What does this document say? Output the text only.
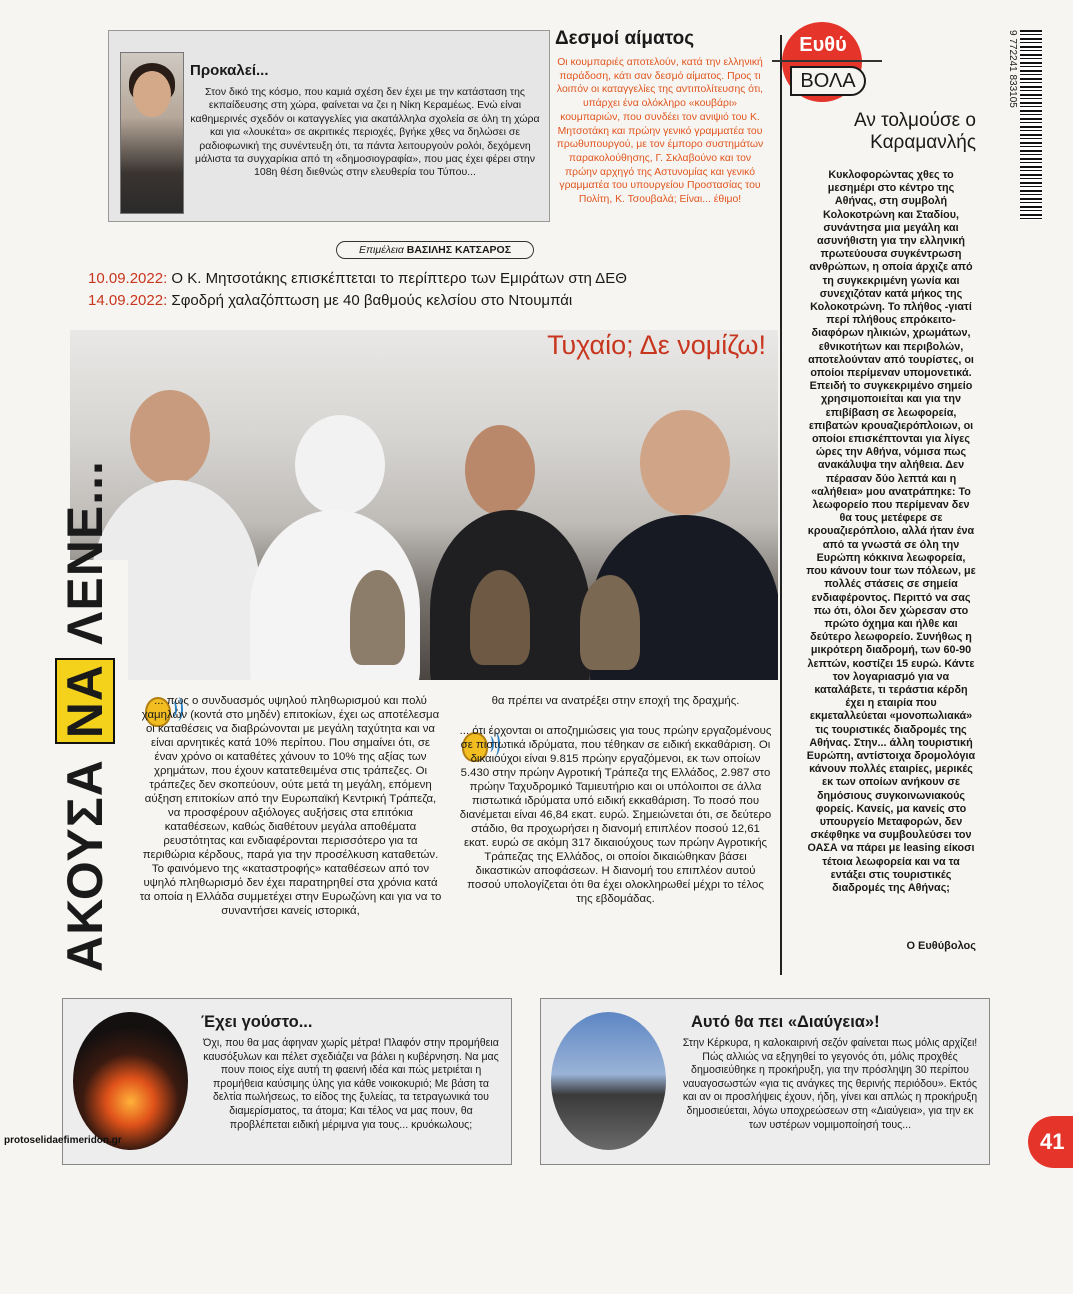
Προκαλεί...
Στον δικό της κόσμο, που καμιά σχέση δεν έχει με την κατάσταση της εκπαίδευσης στη χώρα, φαίνεται να ζει η Νίκη Κεραμέως. Ενώ είναι καθημερινές σχεδόν οι καταγγελίες για ακατάλληλα σχολεία σε όλη τη χώρα και για «λουκέτα» σε ακριτικές περιοχές, βγήκε χθες να δηλώσει σε ραδιοφωνική της συνέντευξη ότι, τα πάντα λειτουργούν ρολόι, δεχόμενη μάλιστα τα συγχαρίκια από τη «δημοσιογραφία», που μας έχει φέρει στην 108η θέση διεθνώς στην ελευθερία του Τύπου...
Δεσμοί αίματος
Οι κουμπαριές αποτελούν, κατά την ελληνική παράδοση, κάτι σαν δεσμό αίματος. Προς τι λοιπόν οι καταγγελίες της αντιπολίτευσης ότι, υπάρχει ένα ολόκληρο «κουβάρι» κουμπαριών, που συνδέει τον ανιψιό του Κ. Μητσοτάκη και πρώην γενικό γραμματέα του πρωθυπουργού, με τον έμπορο συστημάτων παρακολούθησης, Γ. Σκλαβούνο και τον πρώην αρχηγό της Αστυνομίας και γενικό γραμματέα του υπουργείου Προστασίας του Πολίτη, Κ. Τσουβαλά; Είναι... έθιμο!
9 772241 833105
Ευθύ
ΒΟΛΑ
Αν τολμούσε ο Καραμανλής
Κυκλοφορώντας χθες το μεσημέρι στο κέντρο της Αθήνας, στη συμβολή Κολοκοτρώνη και Σταδίου, συνάντησα μια μεγάλη και ασυνήθιστη για την ελληνική πρωτεύουσα συγκέντρωση ανθρώπων, η οποία άρχιζε από τη συγκεκριμένη γωνία και συνεχιζόταν κατά μήκος της Κολοκοτρώνη. Το πλήθος -γιατί περί πλήθους επρόκειτο- διαφόρων ηλικιών, χρωμάτων, εθνικοτήτων και περιβολών, αποτελούνταν από τουρίστες, οι οποίοι περίμεναν υπομονετικά. Επειδή το συγκεκριμένο σημείο χρησιμοποιείται και για την επιβίβαση σε λεωφορεία, επιβατών κρουαζιερόπλοιων, οι οποίοι επισκέπτονται για λίγες ώρες την Αθήνα, νόμισα πως ανακάλυψα την αλήθεια. Δεν πέρασαν δύο λεπτά και η «αλήθεια» μου ανατράπηκε: Το λεωφορείο που περίμεναν δεν θα τους μετέφερε σε κρουαζιερόπλοιο, αλλά ήταν ένα από τα γνωστά σε όλη την Ευρώπη κόκκινα λεωφορεία, που κάνουν tour των πόλεων, με πολλές στάσεις σε σημεία ενδιαφέροντος. Περιττό να σας πω ότι, όλοι δεν χώρεσαν στο πρώτο όχημα και ήλθε και δεύτερο λεωφορείο. Συνήθως η μικρότερη διαδρομή, των 60-90 λεπτών, κοστίζει 15 ευρώ. Κάντε τον λογαριασμό για να καταλάβετε, τι τεράστια κέρδη έχει η εταιρία που εκμεταλλεύεται «μονοπωλιακά» τις τουριστικές διαδρομές της Αθήνας. Στην... άλλη τουριστική Ευρώπη, αντίστοιχα δρομολόγια κάνουν πολλές εταιρίες, μερικές εκ των οποίων ανήκουν σε δημόσιους συγκοινωνιακούς φορείς. Κανείς, μα κανείς στο υπουργείο Μεταφορών, δεν σκέφθηκε να συμβουλεύσει τον ΟΑΣΑ να πάρει με leasing είκοσι τέτοια λεωφορεία και να τα εντάξει στις τουριστικές διαδρομές της Αθήνας;
Ο Ευθύβολος
Επιμέλεια ΒΑΣΙΛΗΣ ΚΑΤΣΑΡΟΣ
10.09.2022: Ο Κ. Μητσοτάκης επισκέπτεται το περίπτερο των Εμιράτων στη ΔΕΘ
14.09.2022: Σφοδρή χαλαζόπτωση με 40 βαθμούς κελσίου στο Ντουμπάι
Τυχαίο; Δε νομίζω!
ΑΚΟΥΣΑ ΝΑ ΛΕΝΕ...
... πως ο συνδυασμός υψηλού πληθωρισμού και πολύ χαμηλών (κοντά στο μηδέν) επιτοκίων, έχει ως αποτέλεσμα οι καταθέσεις να διαβρώνονται με μεγάλη ταχύτητα και να είναι αρνητικές κατά 10% περίπου. Που σημαίνει ότι, σε έναν χρόνο οι καταθέτες χάνουν το 10% της αξίας των χρημάτων, που έχουν κατατεθειμένα στις τράπεζες. Οι τράπεζες δεν σκοπεύουν, ούτε μετά τη μεγάλη, επόμενη αύξηση επιτοκίων από την Ευρωπαϊκή Κεντρική Τράπεζα, να προσφέρουν αξιόλογες αυξήσεις στα επιτόκια καταθέσεων, καθώς διαθέτουν μεγάλα αποθέματα ρευστότητας και ενδιαφέρονται περισσότερο για τα περιθώρια κέρδους, παρά για την προσέλκυση καταθετών. Το φαινόμενο της «καταστροφής» καταθέσεων από τον υψηλό πληθωρισμό δεν έχει παρατηρηθεί στα χρόνια κατά τα οποία η Ελλάδα συμμετέχει στην Ευρωζώνη και για να το συναντήσει κανείς ιστορικά,
θα πρέπει να ανατρέξει στην εποχή της δραχμής.
... ότι έρχονται οι αποζημιώσεις για τους πρώην εργαζομένους σε πιστωτικά ιδρύματα, που τέθηκαν σε ειδική εκκαθάριση. Οι δικαιούχοι είναι 9.815 πρώην εργαζόμενοι, εκ των οποίων 5.430 στην πρώην Αγροτική Τράπεζα της Ελλάδος, 2.987 στο πρώην Ταχυδρομικό Ταμιευτήριο και οι υπόλοιποι σε άλλα πιστωτικά ιδρύματα υπό ειδική εκκαθάριση. Το ποσό που διανέμεται είναι 46,84 εκατ. ευρώ. Σημειώνεται ότι, σε δεύτερο στάδιο, θα προχωρήσει η διανομή επιπλέον ποσού 12,61 εκατ. ευρώ σε ακόμη 317 δικαιούχους των πρώην Αγροτικής Τράπεζας της Ελλάδος, οι οποίοι δικαιώθηκαν βάσει δικαστικών αποφάσεων. Η διανομή του επιπλέον αυτού ποσού υπολογίζεται ότι θα έχει ολοκληρωθεί μέχρι το τέλος της εβδομάδας.
Έχει γούστο...
Όχι, που θα μας άφηναν χωρίς μέτρα! Πλαφόν στην προμήθεια καυσόξυλων και πέλετ σχεδιάζει να βάλει η κυβέρνηση. Να μας πουν ποιος είχε αυτή τη φαεινή ιδέα και πώς μετριέται η προμήθεια καύσιμης ύλης για κάθε νοικοκυριό; Με βάση τα δελτία πωλήσεως, το είδος της ξυλείας, τα τετραγωνικά του διαμερίσματος, τα άτομα; Και τέλος να μας πουν, θα προβλέπεται ειδική μέριμνα για τους... κρυόκωλους;
Αυτό θα πει «Διαύγεια»!
Στην Κέρκυρα, η καλοκαιρινή σεζόν φαίνεται πως μόλις αρχίζει! Πώς αλλιώς να εξηγηθεί το γεγονός ότι, μόλις προχθές δημοσιεύθηκε η προκήρυξη, για την πρόσληψη 30 περίπου ναυαγοσωστών «για τις ανάγκες της θερινής περιόδου». Εκτός και αν οι προσλήψεις έχουν, ήδη, γίνει και απλώς η προκήρυξη δημοσιεύεται, λόγω υποχρεώσεων στη «Διαύγεια», για την εκ των υστέρων νομιμοποίησή τους...
protoselidaefimeridon.gr	41
